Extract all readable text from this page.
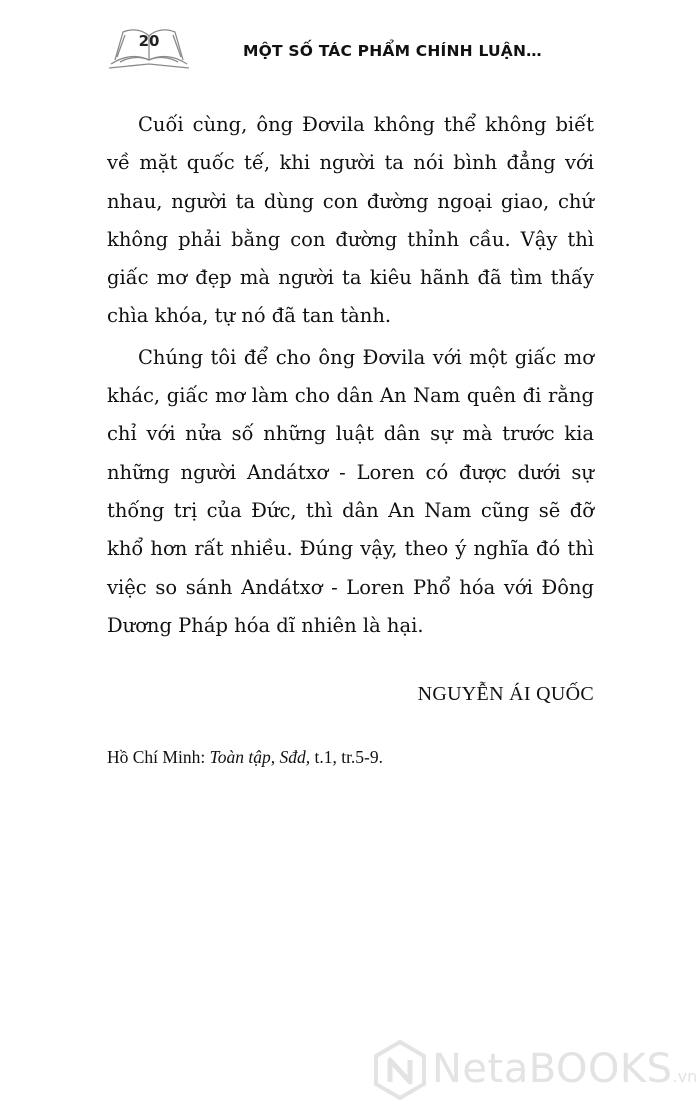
20
MỘT SỐ TÁC PHẨM CHÍNH LUẬN…

Cuối cùng, ông Đơvila không thể không biết về mặt quốc tế, khi người ta nói bình đẳng với nhau, người ta dùng con đường ngoại giao, chứ không phải bằng con đường thỉnh cầu. Vậy thì giấc mơ đẹp mà người ta kiêu hãnh đã tìm thấy chìa khóa, tự nó đã tan tành.

Chúng tôi để cho ông Đơvila với một giấc mơ khác, giấc mơ làm cho dân An Nam quên đi rằng chỉ với nửa số những luật dân sự mà trước kia những người Andátxơ - Loren có được dưới sự thống trị của Đức, thì dân An Nam cũng sẽ đỡ khổ hơn rất nhiều. Đúng vậy, theo ý nghĩa đó thì việc so sánh Andátxơ - Loren Phổ hóa với Đông Dương Pháp hóa dĩ nhiên là hại.

NGUYỄN ÁI QUỐC
Hồ Chí Minh: Toàn tập, Sđd, t.1, tr.5-9.
NetaBOOKS.vn
